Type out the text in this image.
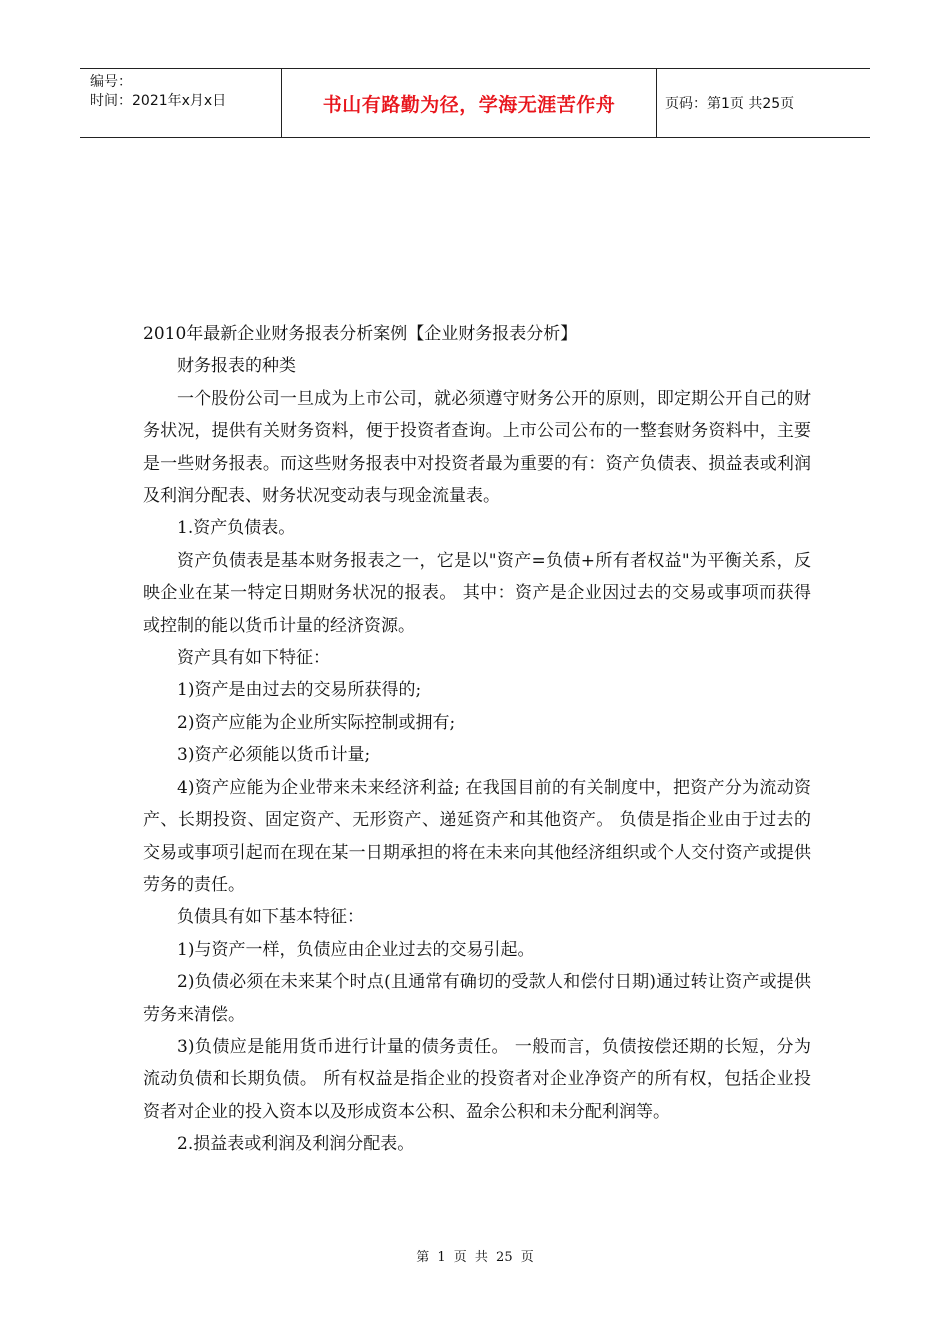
编号：
时间：2021年x月x日	书山有路勤为径，学海无涯苦作舟	页码：第1页 共25页

2010年最新企业财务报表分析案例【企业财务报表分析】

财务报表的种类

一个股份公司一旦成为上市公司，就必须遵守财务公开的原则，即定期公开自己的财务状况，提供有关财务资料，便于投资者查询。上市公司公布的一整套财务资料中，主要是一些财务报表。而这些财务报表中对投资者最为重要的有：资产负债表、损益表或利润及利润分配表、财务状况变动表与现金流量表。

1.资产负债表。

资产负债表是基本财务报表之一，它是以"资产=负债+所有者权益"为平衡关系，反映企业在某一特定日期财务状况的报表。 其中：资产是企业因过去的交易或事项而获得或控制的能以货币计量的经济资源。

资产具有如下特征：

1)资产是由过去的交易所获得的;

2)资产应能为企业所实际控制或拥有;

3)资产必须能以货币计量;

4)资产应能为企业带来未来经济利益; 在我国目前的有关制度中，把资产分为流动资产、长期投资、固定资产、无形资产、递延资产和其他资产。 负债是指企业由于过去的交易或事项引起而在现在某一日期承担的将在未来向其他经济组织或个人交付资产或提供劳务的责任。

负债具有如下基本特征：

1)与资产一样，负债应由企业过去的交易引起。

2)负债必须在未来某个时点(且通常有确切的受款人和偿付日期)通过转让资产或提供劳务来清偿。

3)负债应是能用货币进行计量的债务责任。 一般而言，负债按偿还期的长短，分为流动负债和长期负债。 所有权益是指企业的投资者对企业净资产的所有权，包括企业投资者对企业的投入资本以及形成资本公积、盈余公积和未分配利润等。

2.损益表或利润及利润分配表。

第 1 页 共 25 页
